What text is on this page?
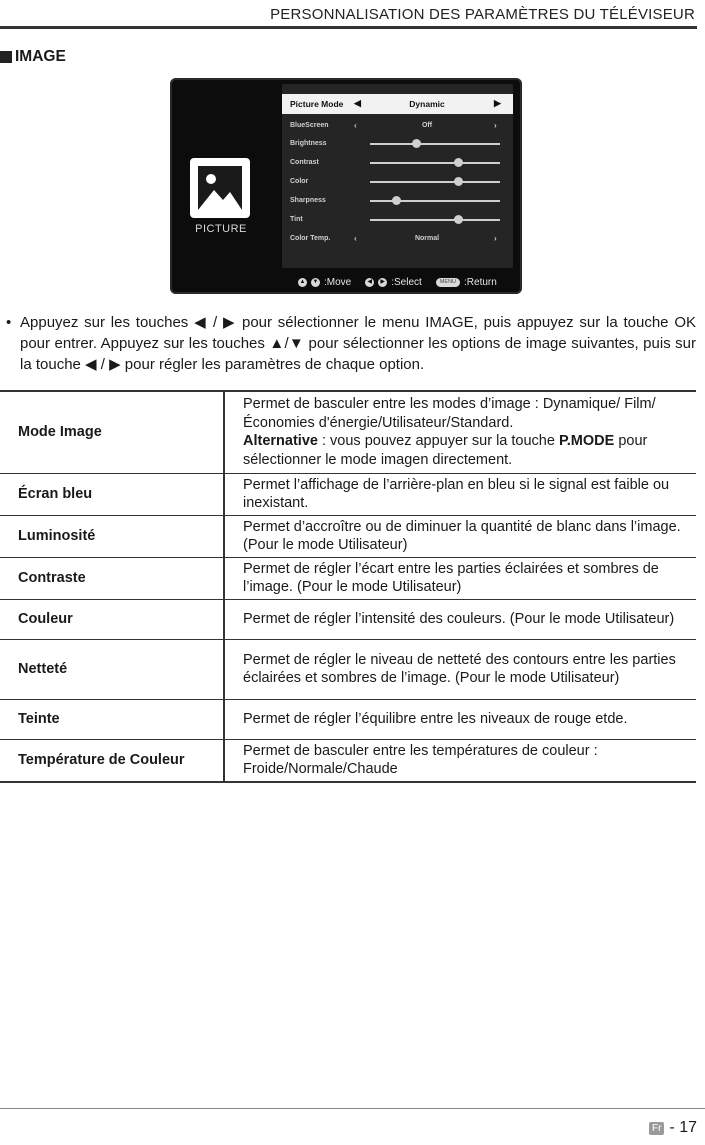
PERSONNALISATION DES PARAMÈTRES DU TÉLÉVISEUR
IMAGE
PICTURE
Picture Mode ◀	Dynamic	▶
BlueScreen	‹	Off	›
Brightness
Contrast
Color
Sharpness
Tint
Color Temp.	‹	Normal	›
▲ ▼ :Move	◀	▶ :Select	MENU :Return
• Appuyez sur les touches ◀ / ▶ pour sélectionner le menu IMAGE, puis appuyez sur la touche OK pour entrer. Appuyez sur les touches ▲/▼ pour sélectionner les options de image suivantes, puis sur la touche ◀ / ▶ pour régler les paramètres de chaque option.
Mode Image	Permet de basculer entre les modes d’image : Dynamique/ Film/Économies d'énergie/Utilisateur/Standard.
Alternative : vous pouvez appuyer sur la touche P.MODE pour sélectionner le mode imagen directement.
Écran bleu	Permet l’affichage de l’arrière-plan en bleu si le signal est faible ou inexistant.
Luminosité	Permet d’accroître ou de diminuer la quantité de blanc dans l’image.(Pour le mode Utilisateur)
Contraste	Permet de régler l’écart entre les parties éclairées et sombres de l’image. (Pour le mode Utilisateur)
Couleur	Permet de régler l’intensité des couleurs. (Pour le mode Utilisateur)
Netteté	Permet de régler le niveau de netteté des contours entre les parties éclairées et sombres de l’image. (Pour le mode Utilisateur)
Teinte	Permet de régler l’équilibre entre les niveaux de rouge etde.
Température de Couleur	Permet de basculer entre les températures de couleur : Froide/Normale/Chaude
Fr - 17
